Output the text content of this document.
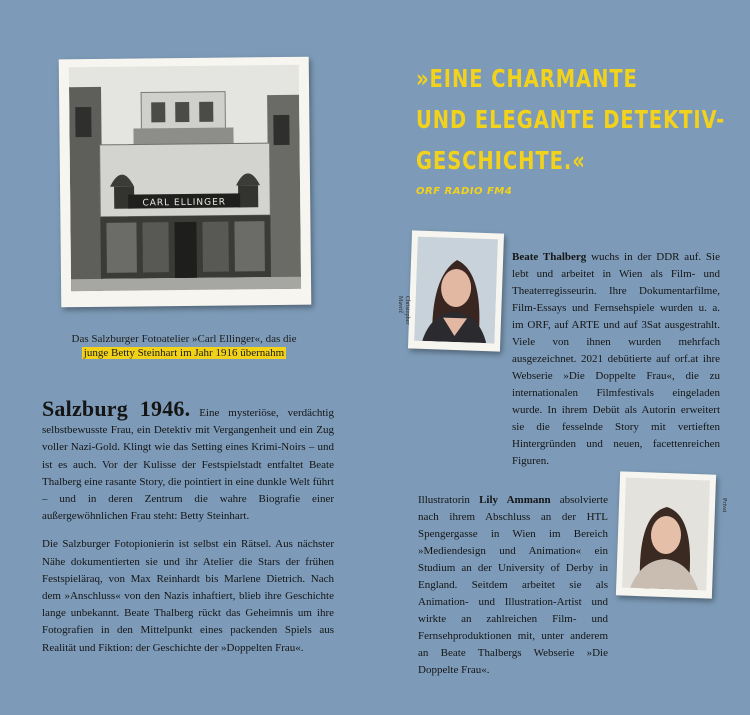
CARL ELLINGER
Das Salzburger Fotoatelier »Carl Ellinger«, das die
junge Betty Steinhart im Jahr 1916 übernahm

Salzburg 1946. Eine mysteriöse, verdächtig selbstbewusste Frau, ein Detektiv mit Vergangenheit und ein Zug voller Nazi-Gold. Klingt wie das Setting eines Krimi-Noirs – und ist es auch. Vor der Kulisse der Festspielstadt entfaltet Beate Thalberg eine rasante Story, die pointiert in eine dunkle Welt führt – und in deren Zentrum die wahre Biografie einer außergewöhnlichen Frau steht: Betty Steinhart.

Die Salzburger Fotopionierin ist selbst ein Rätsel. Aus nächster Nähe dokumentierten sie und ihr Atelier die Stars der frühen Festspieläraq, von Max Reinhardt bis Marlene Dietrich. Nach dem »Anschluss« von den Nazis inhaftiert, blieb ihre Geschichte lange unbekannt. Beate Thalberg rückt das Geheimnis um ihre Fotografien in den Mittelpunkt eines packenden Spiels aus Realität und Fiktion: der Geschichte der »Doppelten Frau«.

»EINE CHARMANTE
UND ELEGANTE DETEKTIV-
GESCHICHTE.«
ORF RADIO FM4
Christopher
Mavrič
Beate Thalberg wuchs in der DDR auf. Sie lebt und arbeitet in Wien als Film- und Theaterregisseurin. Ihre Dokumentarfilme, Film-Essays und Fernsehspiele wurden u. a. im ORF, auf ARTE und auf 3Sat ausgestrahlt. Viele von ihnen wurden mehrfach ausgezeichnet. 2021 debütierte auf orf.at ihre Webserie »Die Doppelte Frau«, die zu internationalen Filmfestivals eingeladen wurde. In ihrem Debüt als Autorin erweitert sie die fesselnde Story mit vertieften Hintergründen und neuen, facettenreichen Figuren.
Privat
Illustratorin Lily Ammann absolvierte nach ihrem Abschluss an der HTL Spengergasse in Wien im Bereich »Mediendesign und Animation« ein Studium an der University of Derby in England. Seitdem arbeitet sie als Animation- und Illustration-Artist und wirkte an zahlreichen Film- und Fernsehproduktionen mit, unter anderem an Beate Thalbergs Webserie »Die Doppelte Frau«.
